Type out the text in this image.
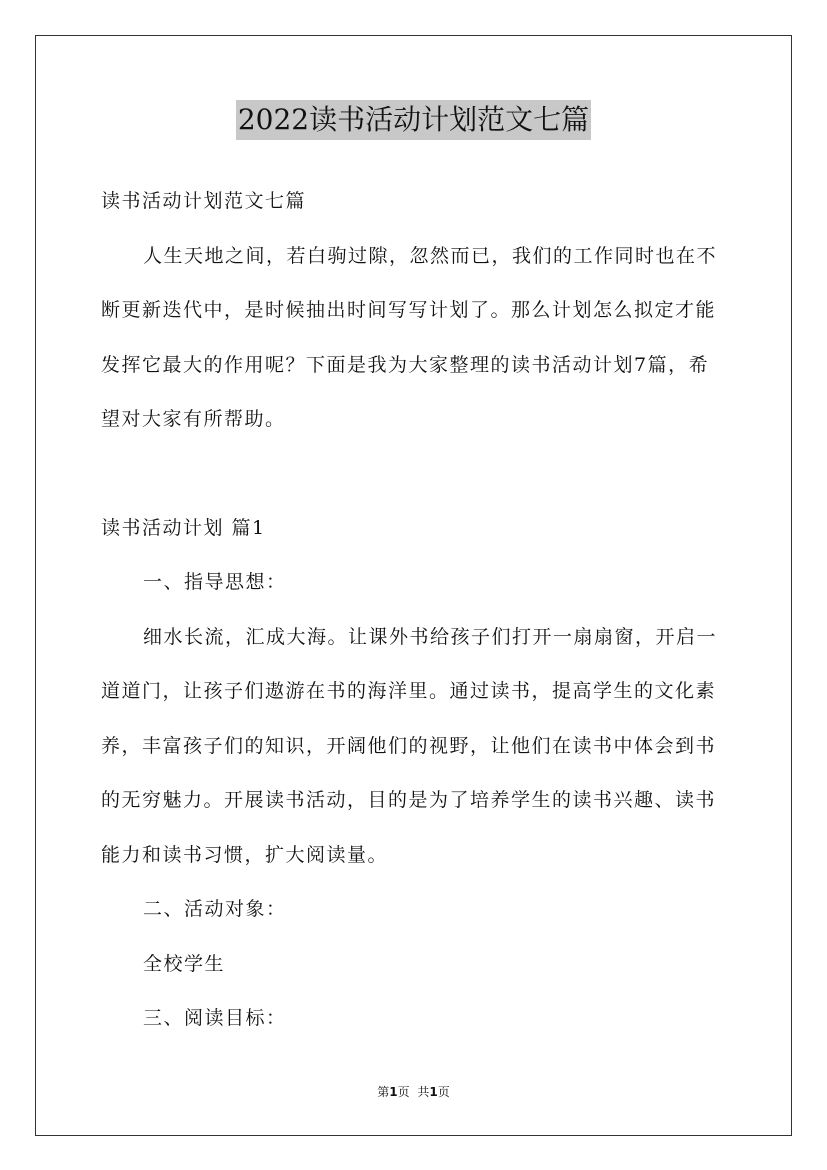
2022读书活动计划范文七篇

读书活动计划范文七篇

人生天地之间，若白驹过隙，忽然而已，我们的工作同时也在不断更新迭代中，是时候抽出时间写写计划了。那么计划怎么拟定才能发挥它最大的作用呢？下面是我为大家整理的读书活动计划7篇，希望对大家有所帮助。

读书活动计划 篇1

一、指导思想：

细水长流，汇成大海。让课外书给孩子们打开一扇扇窗，开启一道道门，让孩子们遨游在书的海洋里。通过读书，提高学生的文化素养，丰富孩子们的知识，开阔他们的视野，让他们在读书中体会到书的无穷魅力。开展读书活动，目的是为了培养学生的读书兴趣、读书能力和读书习惯，扩大阅读量。

二、活动对象：

全校学生

三、阅读目标：

第1页 共1页
